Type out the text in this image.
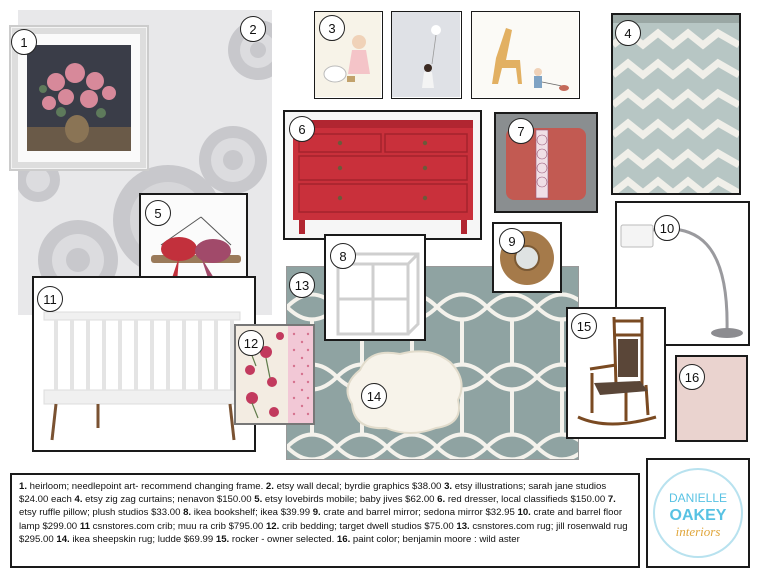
1
2	3	4
5
6	7
10
16
13
14
8
9
11
12
15
1. heirloom; needlepoint art- recommend changing frame. 2. etsy wall decal; byrdie graphics $38.00 3. etsy illustrations; sarah jane studios $24.00 each 4. etsy zig zag curtains; nenavon $150.00 5. etsy lovebirds mobile; baby jives $62.00 6. red dresser, local classifieds $150.00 7. etsy ruffle pillow; plush studios $33.00 8. ikea bookshelf; ikea $39.99 9. crate and barrel mirror; sedona mirror $32.95 10. crate and barrel floor lamp $299.00 11 csnstores.com crib; muu ra crib $795.00 12. crib bedding; target dwell studios $75.00 13. csnstores.com rug; jill rosenwald rug $295.00 14. ikea sheepskin rug; ludde $69.99 15. rocker - owner selected. 16. paint color; benjamin moore : wild aster
DANIELLE
OAKEY
interiors
